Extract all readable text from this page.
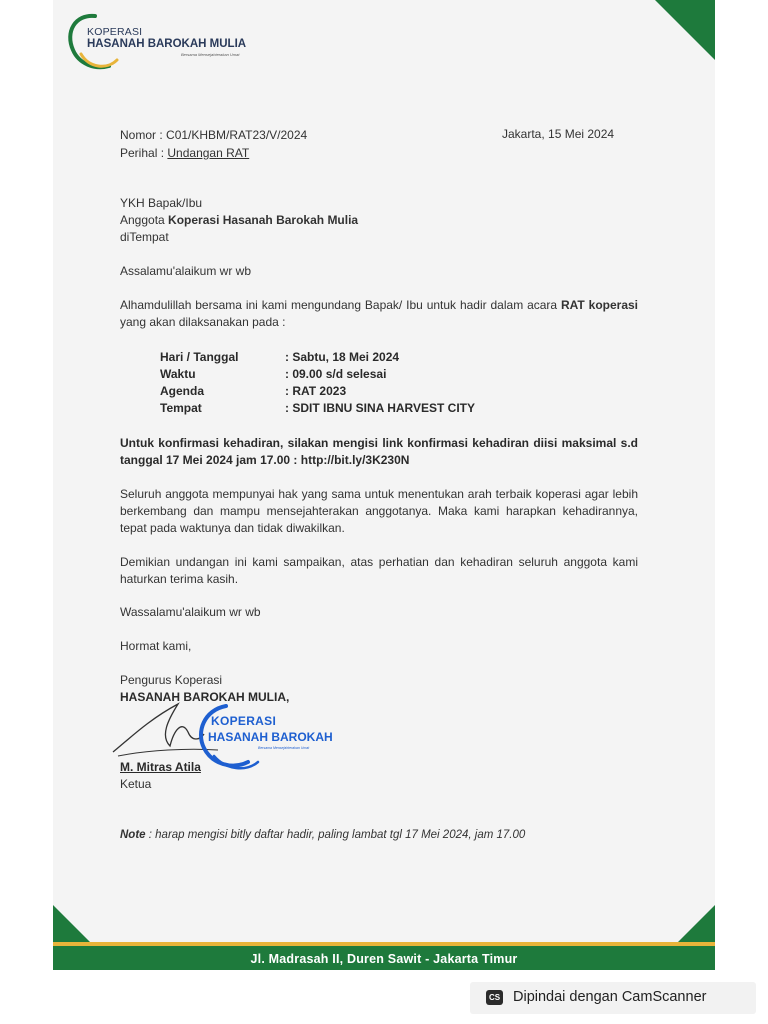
KOPERASI
HASANAH BAROKAH MULIA
Bersama Mensejahterakan Umat
Nomor : C01/KHBM/RAT23/V/2024
Perihal : Undangan RAT
Jakarta, 15 Mei 2024
YKH Bapak/Ibu
Anggota Koperasi Hasanah Barokah Mulia
diTempat
Assalamu'alaikum wr wb
Alhamdulillah bersama ini kami mengundang Bapak/ Ibu untuk hadir dalam acara RAT koperasi yang akan dilaksanakan pada :
Hari / Tanggal	: Sabtu, 18 Mei 2024
Waktu	: 09.00 s/d selesai
Agenda	: RAT 2023
Tempat	: SDIT IBNU SINA HARVEST CITY
Untuk konfirmasi kehadiran, silakan mengisi link konfirmasi kehadiran diisi maksimal s.d tanggal 17 Mei 2024 jam 17.00 : http://bit.ly/3K230N
Seluruh anggota mempunyai hak yang sama untuk menentukan arah terbaik koperasi agar lebih berkembang dan mampu mensejahterakan anggotanya. Maka kami harapkan kehadirannya, tepat pada waktunya dan tidak diwakilkan.
Demikian undangan ini kami sampaikan, atas perhatian dan kehadiran seluruh anggota kami haturkan terima kasih.
Wassalamu'alaikum wr wb
Hormat kami,
Pengurus Koperasi
HASANAH BAROKAH MULIA,
KOPERASI
HASANAH BAROKAH
Bersama Mensejahterakan Umat
M. Mitras Atila
Ketua
Note : harap mengisi bitly daftar hadir, paling lambat tgl 17 Mei 2024, jam 17.00
Jl. Madrasah II, Duren Sawit - Jakarta Timur
CS Dipindai dengan CamScanner
